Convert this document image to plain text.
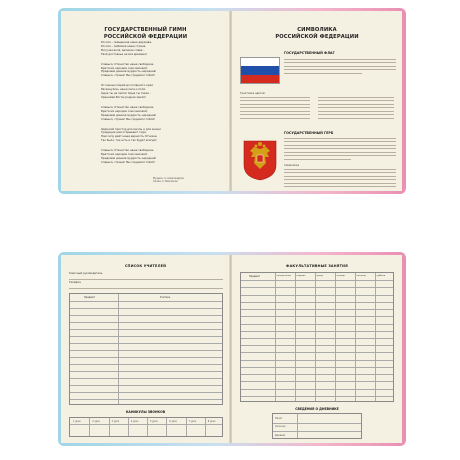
ГОСУДАРСТВЕННЫЙ ГИМН
РОССИЙСКОЙ ФЕДЕРАЦИИ
Россия – священная наша держава,
Россия – любимая наша страна.
Могучая воля, великая слава –
Твоё достоянье на все времена!
Славься, Отечество наше свободное,
Братских народов союз вековой,
Предками данная мудрость народная!
Славься, страна! Мы гордимся тобой!
От южных морей до полярного края
Раскинулись наши леса и поля.
Одна ты на свете! Одна ты такая –
Хранимая Богом родная земля!
Славься, Отечество наше свободное,
Братских народов союз вековой,
Предками данная мудрость народная!
Славься, страна! Мы гордимся тобой!
Широкий простор для мечты и для жизни
Грядущие нам открывают года.
Нам силу даёт наша верность Отчизне.
Так было, так есть и так будет всегда!
Славься, Отечество наше свободное,
Братских народов союз вековой,
Предками данная мудрость народная!
Славься, страна! Мы гордимся тобой!
Музыка: А. Александров
Слова: С. Михалков
СИМВОЛИКА
РОССИЙСКОЙ ФЕДЕРАЦИИ
ГОСУДАРСТВЕННЫЙ ФЛАГ
Трактовка цветов:
ГОСУДАРСТВЕННЫЙ ГЕРБ
Символика
СПИСОК УЧИТЕЛЕЙ
Классный руководитель
Телефон
Предмет	Учитель
КАНИКУЛЫ ЗВОНКОВ
1 урок	2 урок	3 урок	4 урок	5 урок	6 урок	7 урок	8 урок
ФАКУЛЬТАТИВНЫЕ ЗАНЯТИЯ
Предмет	понедельник	вторник	среда	четверг	пятница	суббота
СВЕДЕНИЯ О ДНЕВНИКЕ
Начат
Окончен
Дневник
